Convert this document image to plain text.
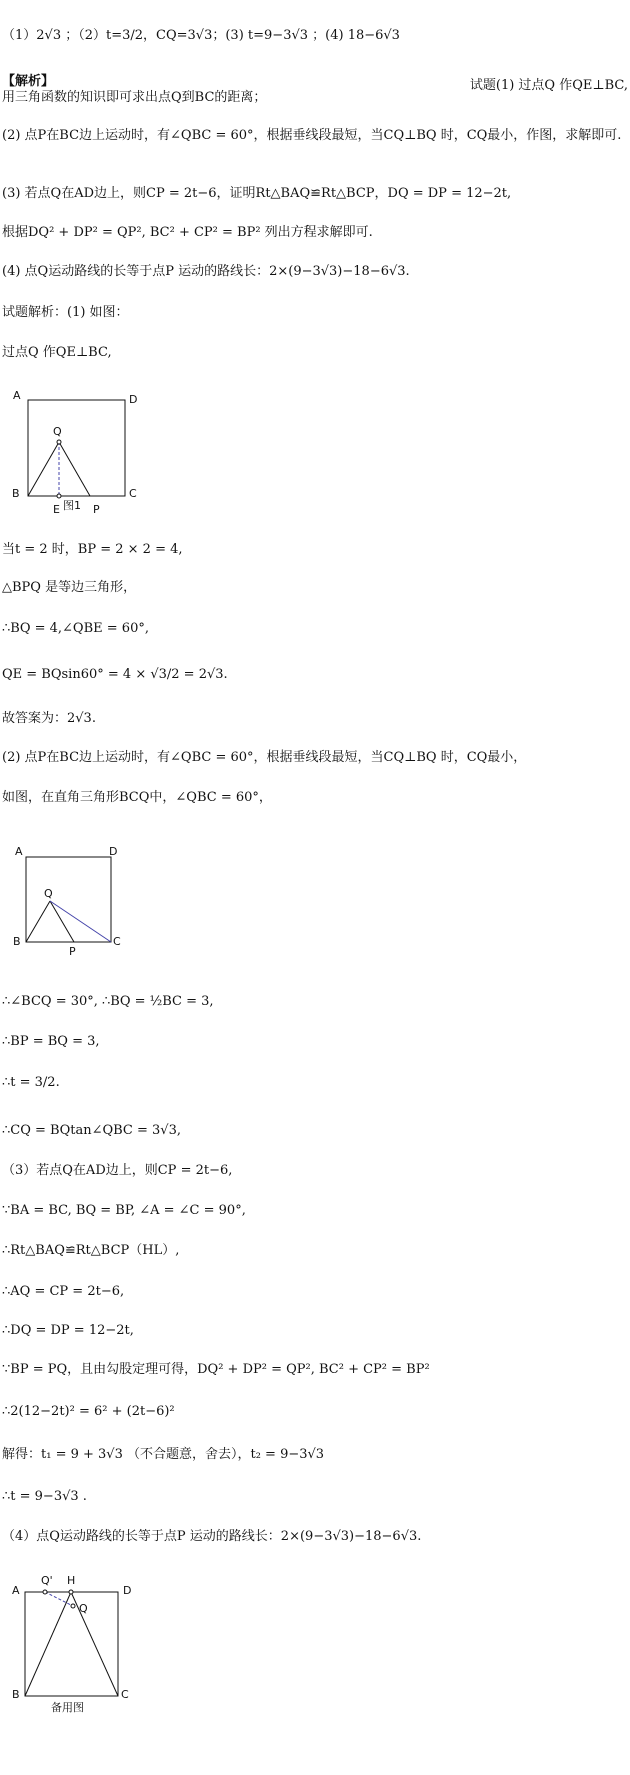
（1）2√3 ；（2）t=3/2，CQ=3√3；(3) t=9−3√3 ；(4) 18−6√3
【解析】	试题(1) 过点Q 作QE⊥BC,
用三角函数的知识即可求出点Q到BC的距离；
(2) 点P在BC边上运动时，有∠QBC = 60°，根据垂线段最短，当CQ⊥BQ 时，CQ最小，作图，求解即可.
(3) 若点Q在AD边上，则CP = 2t−6，证明Rt△BAQ≌Rt△BCP，DQ = DP = 12−2t,
根据DQ² + DP² = QP², BC² + CP² = BP² 列出方程求解即可.
(4) 点Q运动路线的长等于点P 运动的路线长：2×(9−3√3)−18−6√3.
试题解析：(1) 如图：
过点Q 作QE⊥BC,
A	D
Q
B	C
E	P
图1
当t = 2 时，BP = 2 × 2 = 4,
△BPQ 是等边三角形，
∴BQ = 4,∠QBE = 60°,
QE = BQsin60° = 4 × √3/2 = 2√3.
故答案为：2√3.
(2) 点P在BC边上运动时，有∠QBC = 60°，根据垂线段最短，当CQ⊥BQ 时，CQ最小，
如图，在直角三角形BCQ中，∠QBC = 60°，
A	D
Q
B	C
P
∴∠BCQ = 30°, ∴BQ = ½BC = 3,
∴BP = BQ = 3,
∴t = 3/2.
∴CQ = BQtan∠QBC = 3√3,
（3）若点Q在AD边上，则CP = 2t−6,
∵BA = BC, BQ = BP, ∠A = ∠C = 90°,
∴Rt△BAQ≌Rt△BCP（HL）,
∴AQ = CP = 2t−6,
∴DQ = DP = 12−2t,
∵BP = PQ，且由勾股定理可得，DQ² + DP² = QP², BC² + CP² = BP²
∴2(12−2t)² = 6² + (2t−6)²
解得：t₁ = 9 + 3√3 （不合题意，舍去），t₂ = 9−3√3
∴t = 9−3√3 .
（4）点Q运动路线的长等于点P 运动的路线长：2×(9−3√3)−18−6√3.
A	D
Q' H
Q
B	C
备用图
